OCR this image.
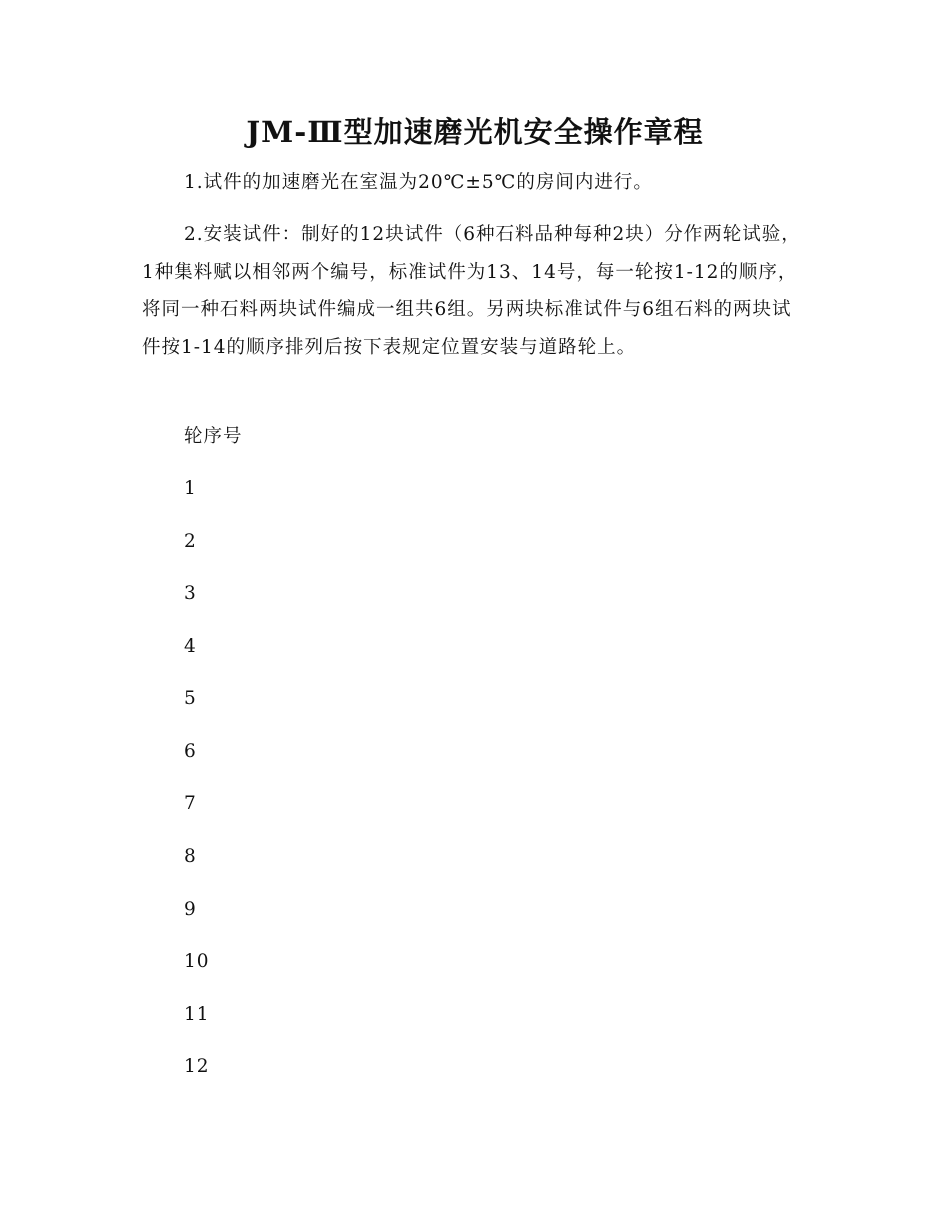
JM-Ⅲ型加速磨光机安全操作章程

1.试件的加速磨光在室温为20℃±5℃的房间内进行。

2.安装试件：制好的12块试件（6种石料品种每种2块）分作两轮试验，1种集料赋以相邻两个编号，标准试件为13、14号，每一轮按1-12的顺序，将同一种石料两块试件编成一组共6组。另两块标准试件与6组石料的两块试件按1-14的顺序排列后按下表规定位置安装与道路轮上。

轮序号

1

2

3

4

5

6

7

8

9

10

11

12
